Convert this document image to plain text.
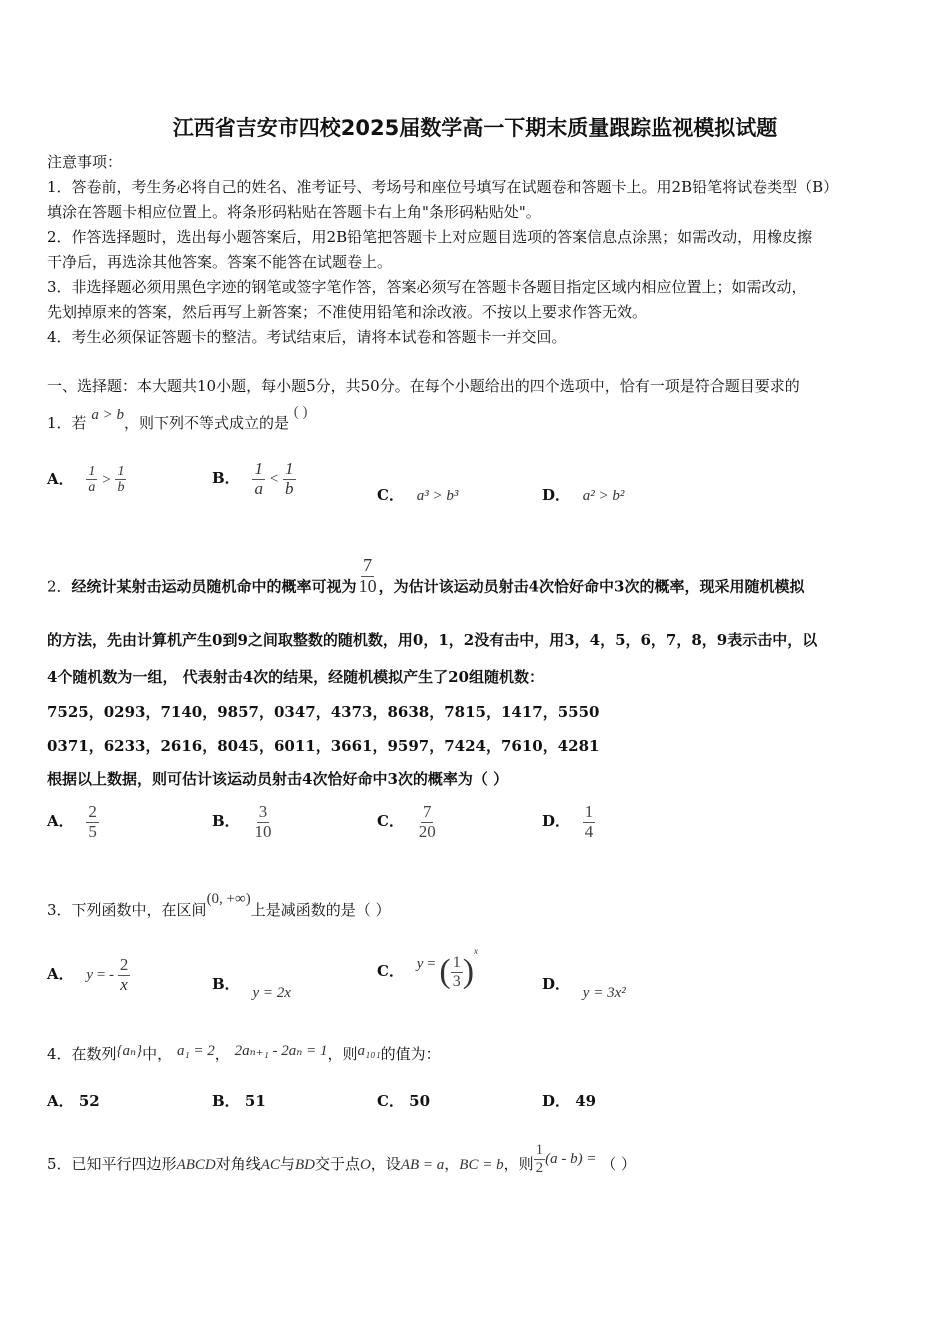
江西省吉安市四校2025届数学高一下期末质量跟踪监视模拟试题
注意事项：
1．答卷前，考生务必将自己的姓名、准考证号、考场号和座位号填写在试题卷和答题卡上。用2B铅笔将试卷类型（B）
填涂在答题卡相应位置上。将条形码粘贴在答题卡右上角"条形码粘贴处"。
2．作答选择题时，选出每小题答案后，用2B铅笔把答题卡上对应题目选项的答案信息点涂黑；如需改动，用橡皮擦
干净后，再选涂其他答案。答案不能答在试题卷上。
3．非选择题必须用黑色字迹的钢笔或签字笔作答，答案必须写在答题卡各题目指定区域内相应位置上；如需改动，
先划掉原来的答案，然后再写上新答案；不准使用铅笔和涂改液。不按以上要求作答无效。
4．考生必须保证答题卡的整洁。考试结束后，请将本试卷和答题卡一并交回。
一、选择题：本大题共10小题，每小题5分，共50分。在每个小题给出的四个选项中，恰有一项是符合题目要求的
1．若 a > b，则下列不等式成立的是 ( )
A． $\frac{1}{a} > \frac{1}{b}$	B． $\frac{1}{a} < \frac{1}{b}$	C． a³ > b³	D． a² > b²
2．经统计某射击运动员随机命中的概率可视为 $\frac{7}{10}$ ，为估计该运动员射击4次恰好命中3次的概率，现采用随机模拟
的方法，先由计算机产生0到9之间取整数的随机数，用0，1，2没有击中，用3，4，5，6，7，8，9表示击中，以
4个随机数为一组， 代表射击4次的结果，经随机模拟产生了20组随机数：
7525，0293，7140，9857，0347，4373，8638，7815，1417，5550
0371，6233，2616，8045，6011，3661，9597，7424，7610，4281
根据以上数据，则可估计该运动员射击4次恰好命中3次的概率为（ ）
A． $\frac{2}{5}$	B． $\frac{3}{10}$	C． $\frac{7}{20}$	D． $\frac{1}{4}$
3．下列函数中，在区间(0, +∞)上是减函数的是（ ）
A． y = - $\frac{2}{x}$	B． y = 2x
C． y = ( $\frac{1}{3} )^x$
D． y = 3x²
4．在数列{aₙ}中， a₁ = 2， 2aₙ₊₁ - 2aₙ = 1，则a₁₀₁的值为：
A． 52	B． 51	C． 50	D． 49
5．已知平行四边形ABCD对角线AC与BD交于点O，设AB = a，BC = b，则 $\frac{1}{2} (a - b)$ = （ ）
